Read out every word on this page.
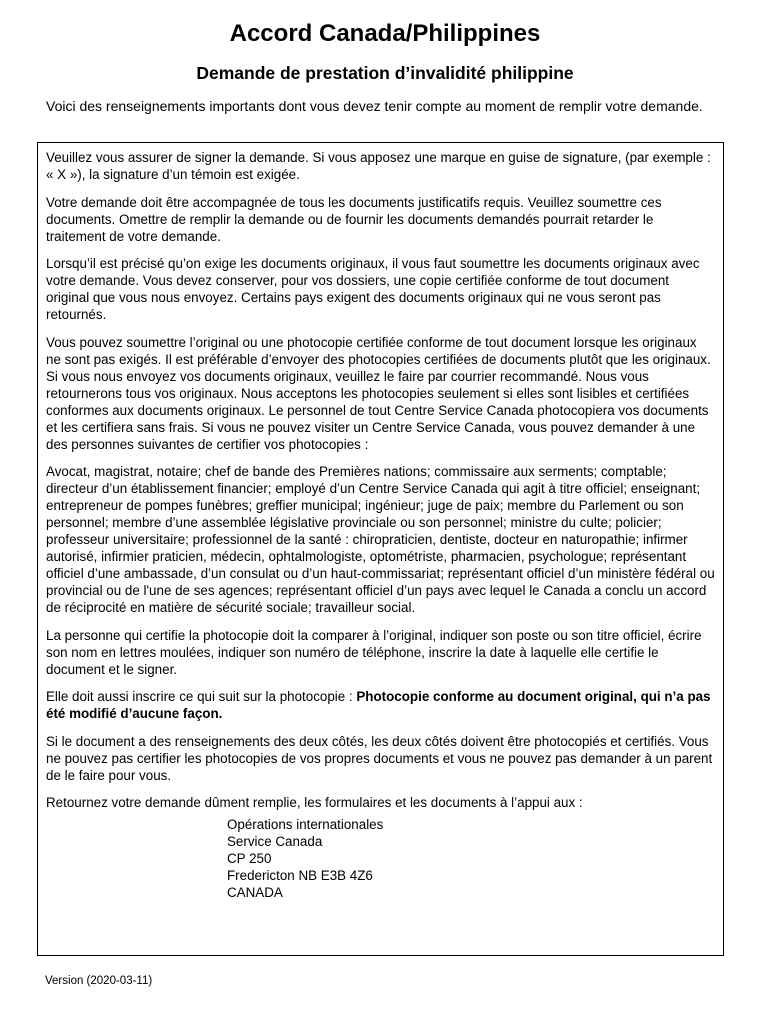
Accord Canada/Philippines
Demande de prestation d’invalidité philippine

Voici des renseignements importants dont vous devez tenir compte au moment de remplir votre demande.

Veuillez vous assurer de signer la demande. Si vous apposez une marque en guise de signature, (par exemple : « X »), la signature d’un témoin est exigée.

Votre demande doit être accompagnée de tous les documents justificatifs requis. Veuillez soumettre ces documents. Omettre de remplir la demande ou de fournir les documents demandés pourrait retarder le traitement de votre demande.

Lorsqu’il est précisé qu’on exige les documents originaux, il vous faut soumettre les documents originaux avec votre demande. Vous devez conserver, pour vos dossiers, une copie certifiée conforme de tout document original que vous nous envoyez. Certains pays exigent des documents originaux qui ne vous seront pas retournés.

Vous pouvez soumettre l’original ou une photocopie certifiée conforme de tout document lorsque les originaux ne sont pas exigés. Il est préférable d’envoyer des photocopies certifiées de documents plutôt que les originaux. Si vous nous envoyez vos documents originaux, veuillez le faire par courrier recommandé. Nous vous retournerons tous vos originaux. Nous acceptons les photocopies seulement si elles sont lisibles et certifiées conformes aux documents originaux. Le personnel de tout Centre Service Canada photocopiera vos documents et les certifiera sans frais. Si vous ne pouvez visiter un Centre Service Canada, vous pouvez demander à une des personnes suivantes de certifier vos photocopies :

Avocat, magistrat, notaire; chef de bande des Premières nations; commissaire aux serments; comptable; directeur d’un établissement financier; employé d’un Centre Service Canada qui agit à titre officiel; enseignant; entrepreneur de pompes funèbres; greffier municipal; ingénieur; juge de paix; membre du Parlement ou son personnel; membre d’une assemblée législative provinciale ou son personnel; ministre du culte; policier; professeur universitaire; professionnel de la santé : chiropraticien, dentiste, docteur en naturopathie; infirmer autorisé, infirmier praticien, médecin, ophtalmologiste, optométriste, pharmacien, psychologue; représentant officiel d’une ambassade, d’un consulat ou d’un haut-commissariat; représentant officiel d’un ministère fédéral ou provincial ou de l'une de ses agences; représentant officiel d’un pays avec lequel le Canada a conclu un accord de réciprocité en matière de sécurité sociale; travailleur social.

La personne qui certifie la photocopie doit la comparer à l’original, indiquer son poste ou son titre officiel, écrire son nom en lettres moulées, indiquer son numéro de téléphone, inscrire la date à laquelle elle certifie le document et le signer.

Elle doit aussi inscrire ce qui suit sur la photocopie : Photocopie conforme au document original, qui n’a pas été modifié d’aucune façon.

Si le document a des renseignements des deux côtés, les deux côtés doivent être photocopiés et certifiés. Vous ne pouvez pas certifier les photocopies de vos propres documents et vous ne pouvez pas demander à un parent de le faire pour vous.

Retournez votre demande dûment remplie, les formulaires et les documents à l’appui aux :

Opérations internationales
Service Canada
CP 250
Fredericton NB E3B 4Z6
CANADA

Version (2020-03-11)
